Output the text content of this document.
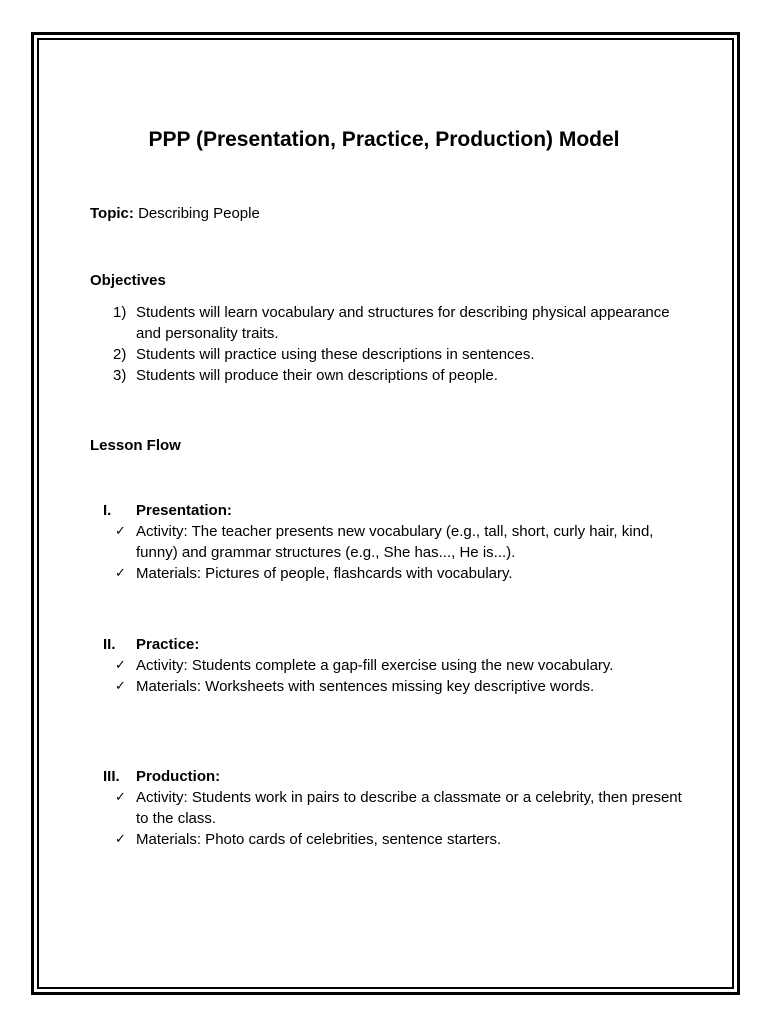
PPP (Presentation, Practice, Production) Model
Topic: Describing People
Objectives
1) Students will learn vocabulary and structures for describing physical appearance and personality traits.
2) Students will practice using these descriptions in sentences.
3) Students will produce their own descriptions of people.
Lesson Flow
I. Presentation:
✓ Activity: The teacher presents new vocabulary (e.g., tall, short, curly hair, kind, funny) and grammar structures (e.g., She has..., He is...).
✓ Materials: Pictures of people, flashcards with vocabulary.
II. Practice:
✓ Activity: Students complete a gap-fill exercise using the new vocabulary.
✓ Materials: Worksheets with sentences missing key descriptive words.
III. Production:
✓ Activity: Students work in pairs to describe a classmate or a celebrity, then present to the class.
✓ Materials: Photo cards of celebrities, sentence starters.
